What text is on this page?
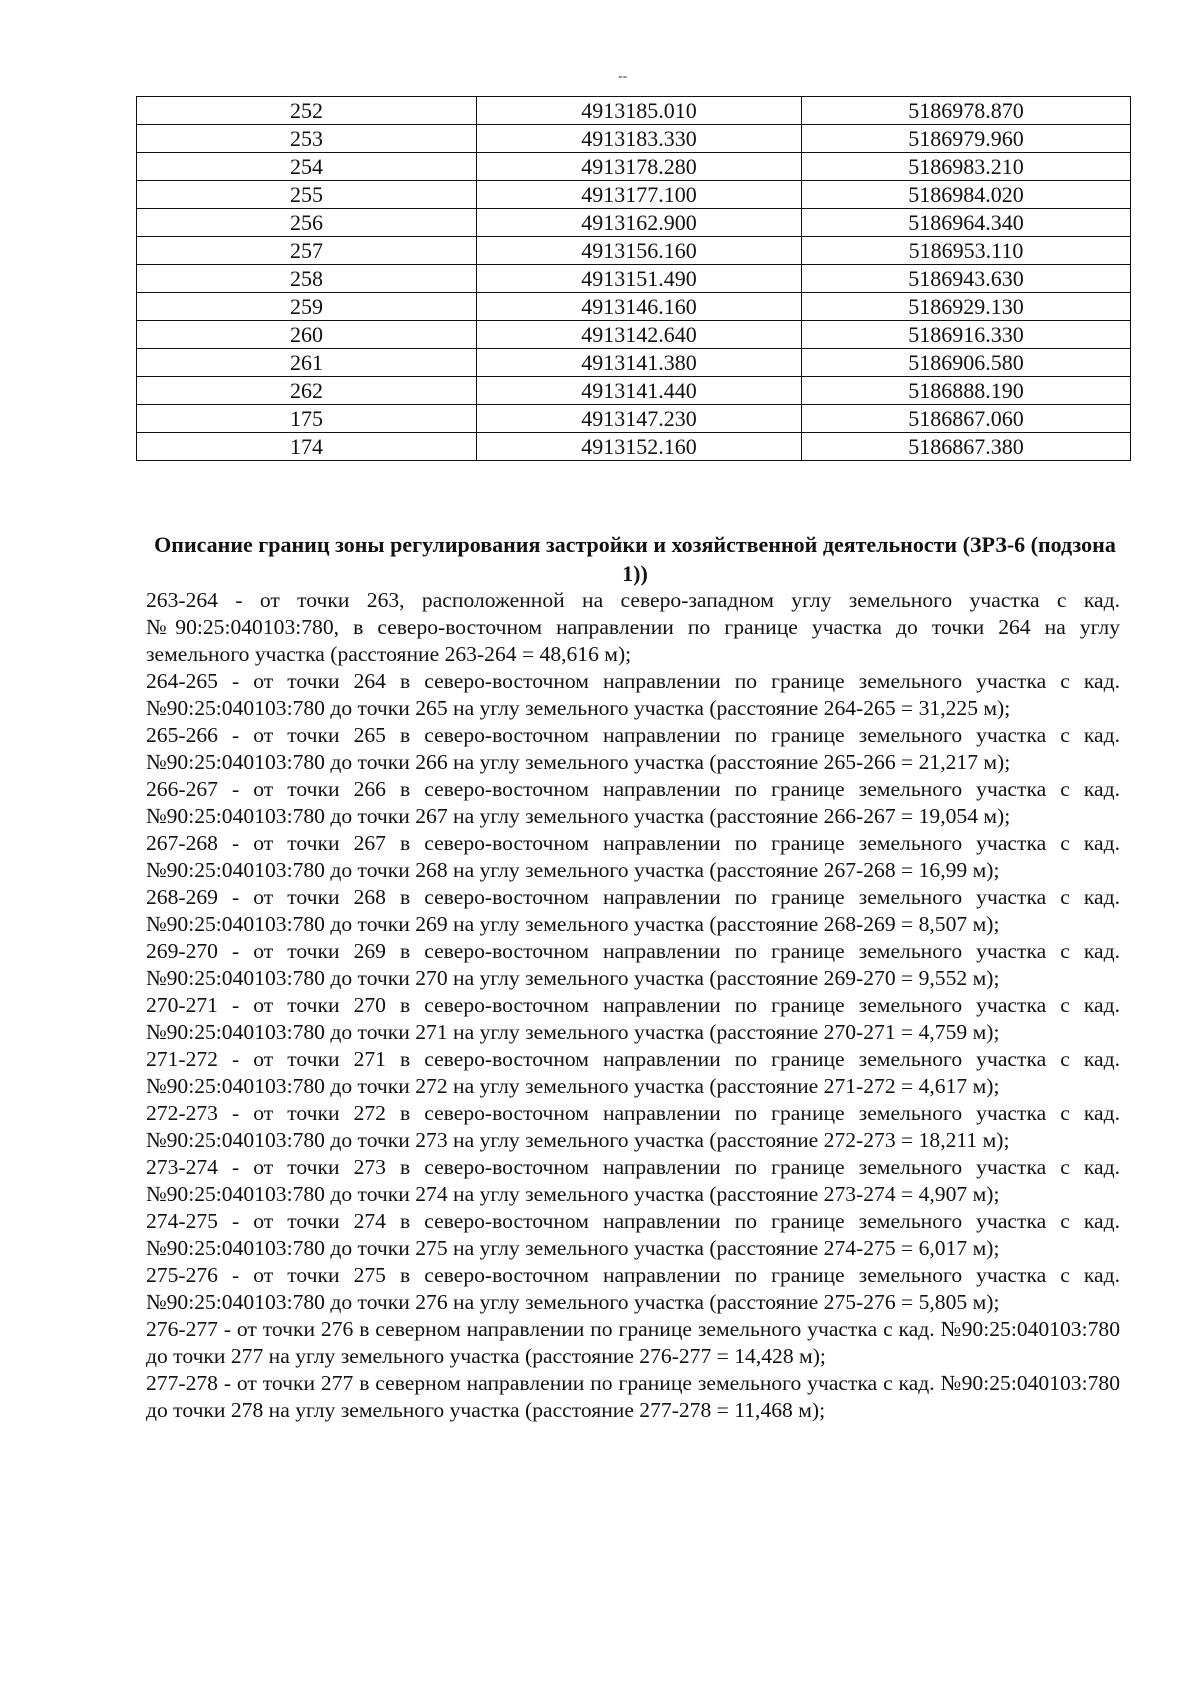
--
252	4913185.010	5186978.870
253	4913183.330	5186979.960
254	4913178.280	5186983.210
255	4913177.100	5186984.020
256	4913162.900	5186964.340
257	4913156.160	5186953.110
258	4913151.490	5186943.630
259	4913146.160	5186929.130
260	4913142.640	5186916.330
261	4913141.380	5186906.580
262	4913141.440	5186888.190
175	4913147.230	5186867.060
174	4913152.160	5186867.380
Описание границ зоны регулирования застройки и хозяйственной деятельности (ЗРЗ-6 (подзона 1))

263-264 - от точки 263, расположенной на северо-западном углу земельного участка с кад. №90:25:040103:780, в северо-восточном направлении по границе участка до точки 264 на углу земельного участка (расстояние 263-264 = 48,616 м);

264-265 - от точки 264 в северо-восточном направлении по границе земельного участка с кад. №90:25:040103:780 до точки 265 на углу земельного участка (расстояние 264-265 = 31,225 м);

265-266 - от точки 265 в северо-восточном направлении по границе земельного участка с кад. №90:25:040103:780 до точки 266 на углу земельного участка (расстояние 265-266 = 21,217 м);

266-267 - от точки 266 в северо-восточном направлении по границе земельного участка с кад. №90:25:040103:780 до точки 267 на углу земельного участка (расстояние 266-267 = 19,054 м);

267-268 - от точки 267 в северо-восточном направлении по границе земельного участка с кад. №90:25:040103:780 до точки 268 на углу земельного участка (расстояние 267-268 = 16,99 м);

268-269 - от точки 268 в северо-восточном направлении по границе земельного участка с кад. №90:25:040103:780 до точки 269 на углу земельного участка (расстояние 268-269 = 8,507 м);

269-270 - от точки 269 в северо-восточном направлении по границе земельного участка с кад. №90:25:040103:780 до точки 270 на углу земельного участка (расстояние 269-270 = 9,552 м);

270-271 - от точки 270 в северо-восточном направлении по границе земельного участка с кад. №90:25:040103:780 до точки 271 на углу земельного участка (расстояние 270-271 = 4,759 м);

271-272 - от точки 271 в северо-восточном направлении по границе земельного участка с кад. №90:25:040103:780 до точки 272 на углу земельного участка (расстояние 271-272 = 4,617 м);

272-273 - от точки 272 в северо-восточном направлении по границе земельного участка с кад. №90:25:040103:780 до точки 273 на углу земельного участка (расстояние 272-273 = 18,211 м);

273-274 - от точки 273 в северо-восточном направлении по границе земельного участка с кад. №90:25:040103:780 до точки 274 на углу земельного участка (расстояние 273-274 = 4,907 м);

274-275 - от точки 274 в северо-восточном направлении по границе земельного участка с кад. №90:25:040103:780 до точки 275 на углу земельного участка (расстояние 274-275 = 6,017 м);

275-276 - от точки 275 в северо-восточном направлении по границе земельного участка с кад. №90:25:040103:780 до точки 276 на углу земельного участка (расстояние 275-276 = 5,805 м);

276-277 - от точки 276 в северном направлении по границе земельного участка с кад. №90:25:040103:780 до точки 277 на углу земельного участка (расстояние 276-277 = 14,428 м);

277-278 - от точки 277 в северном направлении по границе земельного участка с кад. №90:25:040103:780 до точки 278 на углу земельного участка (расстояние 277-278 = 11,468 м);
